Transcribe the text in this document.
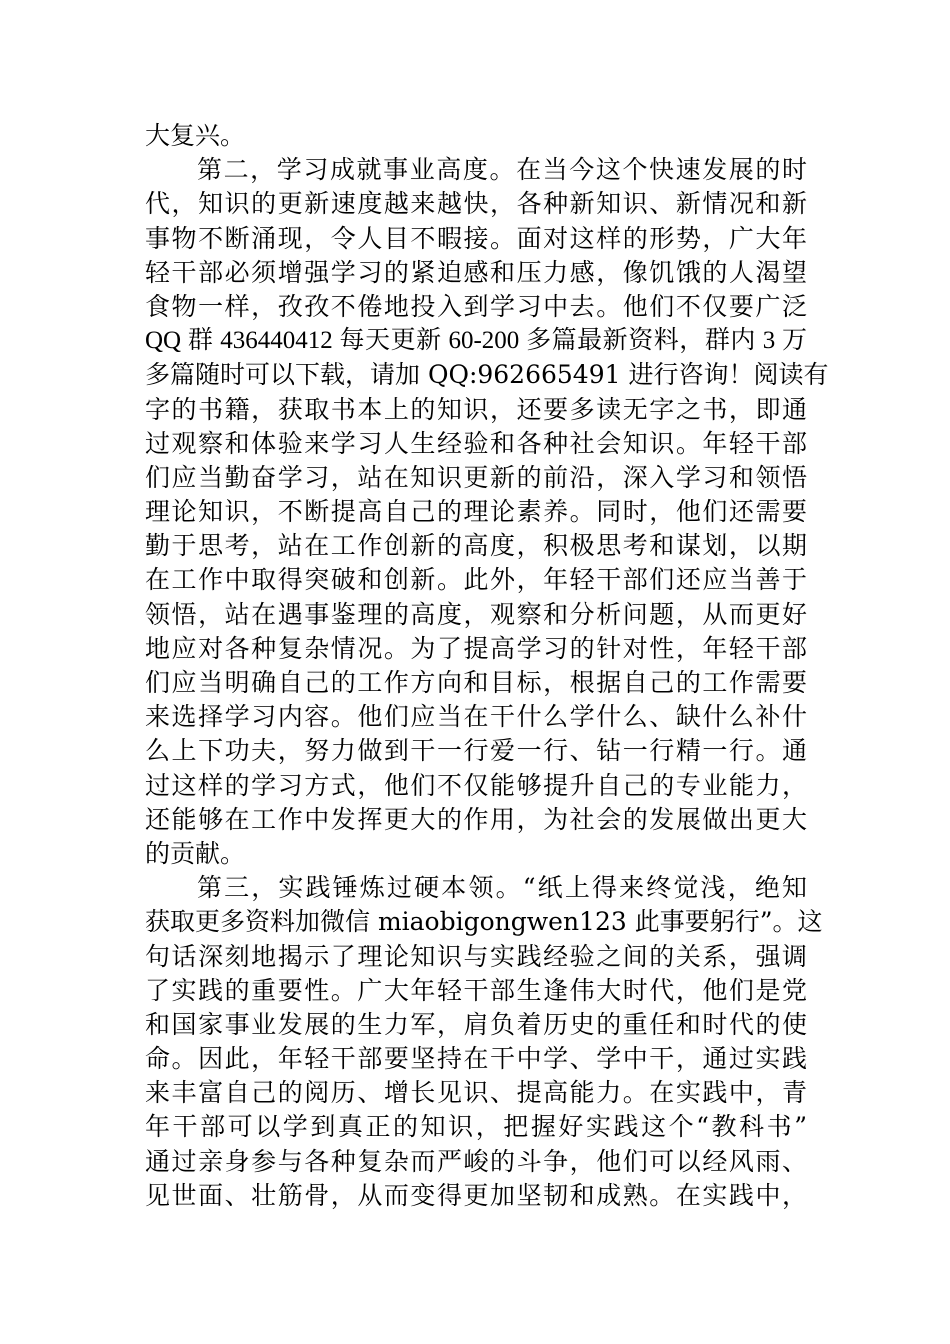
大复兴。
第二，学习成就事业高度。在当今这个快速发展的时
代，知识的更新速度越来越快，各种新知识、新情况和新
事物不断涌现，令人目不暇接。面对这样的形势，广大年
轻干部必须增强学习的紧迫感和压力感，像饥饿的人渴望
食物一样，孜孜不倦地投入到学习中去。他们不仅要广泛
QQ 群 436440412 每天更新 60-200 多篇最新资料，群内 3 万
多篇随时可以下载，请加 QQ:962665491 进行咨询！阅读有
字的书籍，获取书本上的知识，还要多读无字之书，即通
过观察和体验来学习人生经验和各种社会知识。年轻干部
们应当勤奋学习，站在知识更新的前沿，深入学习和领悟
理论知识，不断提高自己的理论素养。同时，他们还需要
勤于思考，站在工作创新的高度，积极思考和谋划，以期
在工作中取得突破和创新。此外，年轻干部们还应当善于
领悟，站在遇事鉴理的高度，观察和分析问题，从而更好
地应对各种复杂情况。为了提高学习的针对性，年轻干部
们应当明确自己的工作方向和目标，根据自己的工作需要
来选择学习内容。他们应当在干什么学什么、缺什么补什
么上下功夫，努力做到干一行爱一行、钻一行精一行。通
过这样的学习方式，他们不仅能够提升自己的专业能力，
还能够在工作中发挥更大的作用，为社会的发展做出更大
的贡献。
第三，实践锤炼过硬本领。“纸上得来终觉浅，绝知
获取更多资料加微信 miaobigongwen123 此事要躬行”。这
句话深刻地揭示了理论知识与实践经验之间的关系，强调
了实践的重要性。广大年轻干部生逢伟大时代，他们是党
和国家事业发展的生力军，肩负着历史的重任和时代的使
命。因此，年轻干部要坚持在干中学、学中干，通过实践
来丰富自己的阅历、增长见识、提高能力。在实践中，青
年干部可以学到真正的知识，把握好实践这个“教科书”
通过亲身参与各种复杂而严峻的斗争，他们可以经风雨、
见世面、壮筋骨，从而变得更加坚韧和成熟。在实践中，
